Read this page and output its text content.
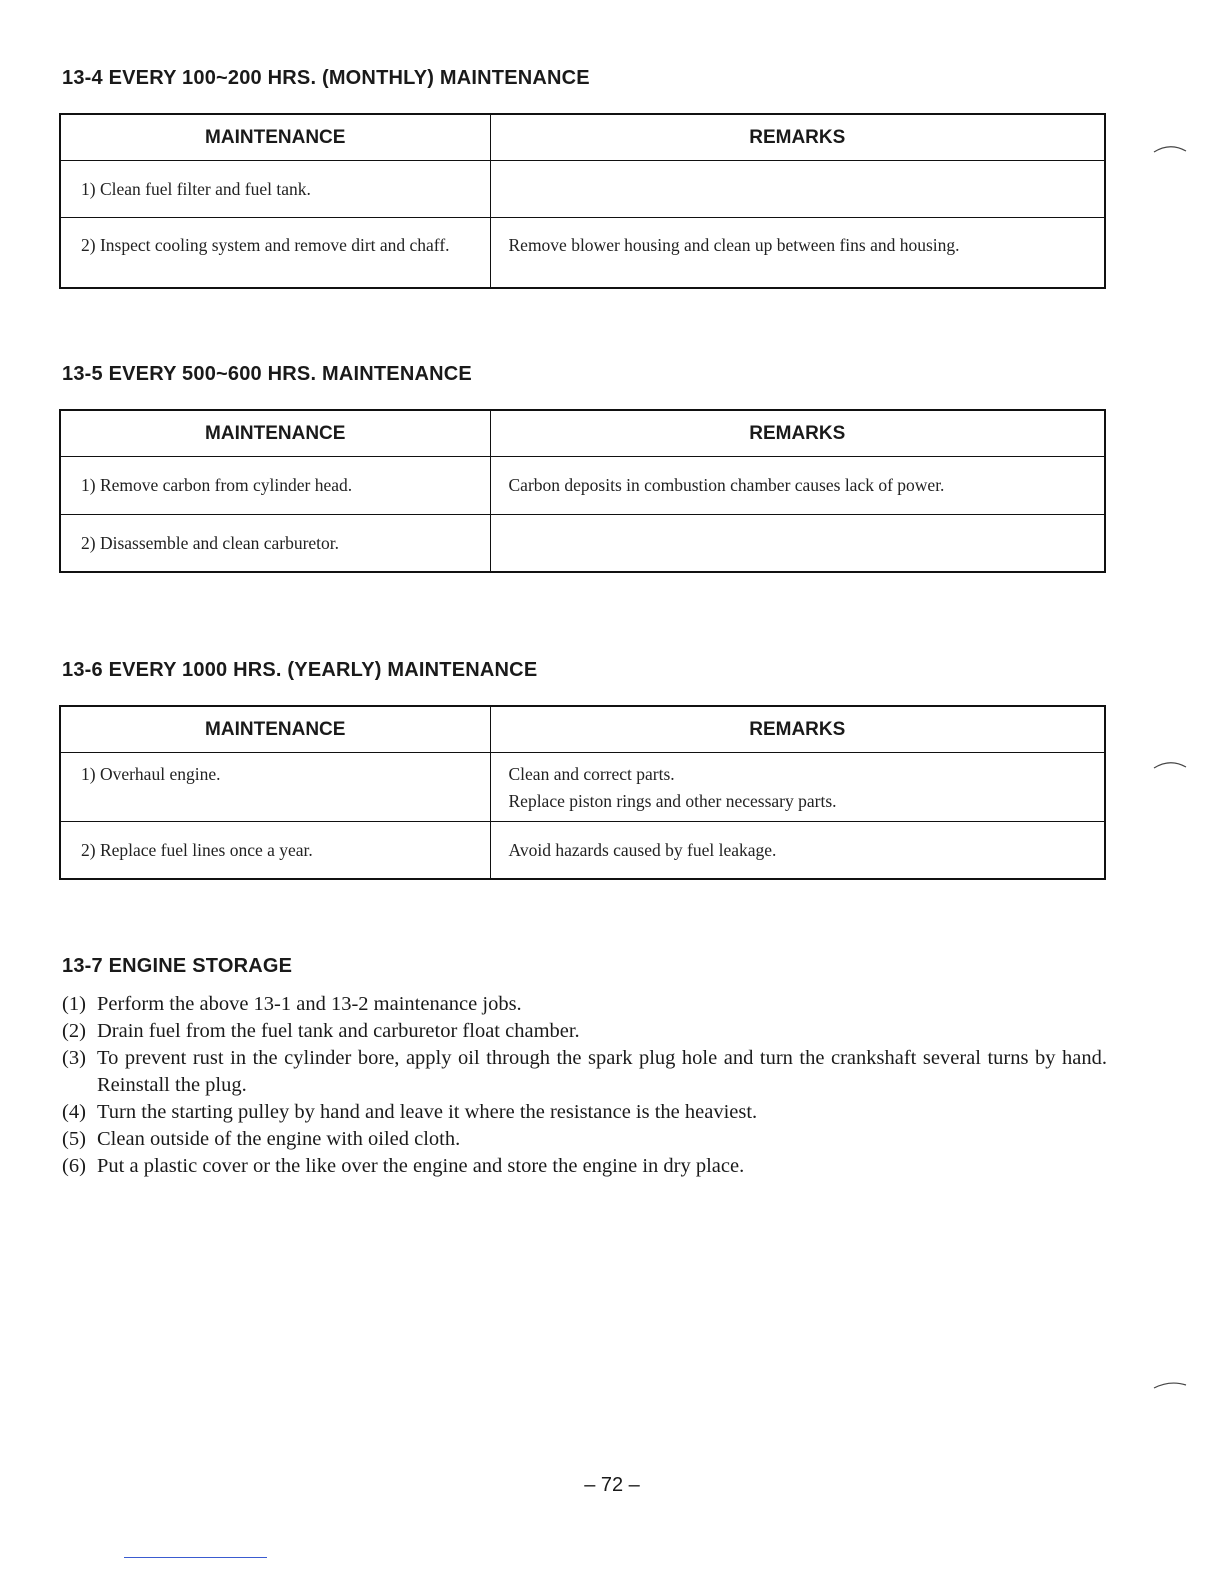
13-4 EVERY 100~200 HRS. (MONTHLY) MAINTENANCE
MAINTENANCE	REMARKS

1) Clean fuel filter and fuel tank.	

2) Inspect cooling system and remove dirt and chaff.	Remove blower housing and clean up between fins and housing.
13-5 EVERY 500~600 HRS. MAINTENANCE
MAINTENANCE	REMARKS

1) Remove carbon from cylinder head.	Carbon deposits in combustion chamber causes lack of power.

2) Disassemble and clean carburetor.	

13-6 EVERY 1000 HRS. (YEARLY) MAINTENANCE
MAINTENANCE	REMARKS

1) Overhaul engine.	Clean and correct parts.
Replace piston rings and other necessary parts.

2) Replace fuel lines once a year.	Avoid hazards caused by fuel leakage.
13-7 ENGINE STORAGE
(1) Perform the above 13-1 and 13-2 maintenance jobs.
(2) Drain fuel from the fuel tank and carburetor float chamber.
(3) To prevent rust in the cylinder bore, apply oil through the spark plug hole and turn the crankshaft several turns by hand. Reinstall the plug.
(4) Turn the starting pulley by hand and leave it where the resistance is the heaviest.
(5) Clean outside of the engine with oiled cloth.
(6) Put a plastic cover or the like over the engine and store the engine in dry place.
– 72 –
